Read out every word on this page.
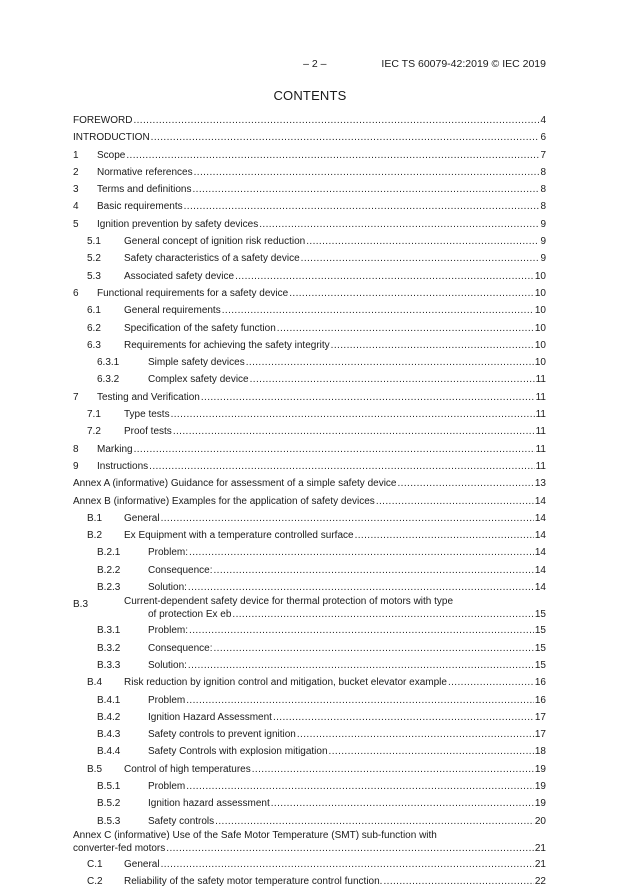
– 2 –	IEC TS 60079-42:2019 © IEC 2019
CONTENTS
FOREWORD .....	4
INTRODUCTION .....	6
1 Scope .....	7
2 Normative references .....	8
3 Terms and definitions .....	8
4 Basic requirements .....	8
5 Ignition prevention by safety devices .....	9
5.1 General concept of ignition risk reduction .....	9
5.2 Safety characteristics of a safety device .....	9
5.3 Associated safety device .....	10
6 Functional requirements for a safety device .....	10
6.1 General requirements .....	10
6.2 Specification of the safety function .....	10
6.3 Requirements for achieving the safety integrity .....	10
6.3.1	Simple safety devices .....	10
6.3.2	Complex safety device .....	11
7 Testing and Verification .....	11
7.1 Type tests .....	11
7.2 Proof tests .....	11
8 Marking .....	11
9 Instructions .....	11
Annex A (informative) Guidance for assessment of a simple safety device .....	13
Annex B (informative) Examples for the application of safety devices .....	14
B.1 General .....	14
B.2 Ex Equipment with a temperature controlled surface .....	14
B.2.1	Problem: .....	14
B.2.2	Consequence: .....	14
B.2.3	Solution: .....	14
B.3	Current-dependent safety device for thermal protection of motors with type
of protection Ex eb .....	15
B.3.1	Problem: .....	15
B.3.2	Consequence: .....	15
B.3.3	Solution: .....	15
B.4 Risk reduction by ignition control and mitigation, bucket elevator example .....	16
B.4.1	Problem .....	16
B.4.2	Ignition Hazard Assessment .....	17
B.4.3	Safety controls to prevent ignition .....	17
B.4.4	Safety Controls with explosion mitigation .....	18
B.5 Control of high temperatures .....	19
B.5.1	Problem .....	19
B.5.2	Ignition hazard assessment .....	19
B.5.3	Safety controls .....	20
Annex C (informative) Use of the Safe Motor Temperature (SMT) sub-function with
converter-fed motors .....	21
C.1 General .....	21
C.2 Reliability of the safety motor temperature control function. .....	22
